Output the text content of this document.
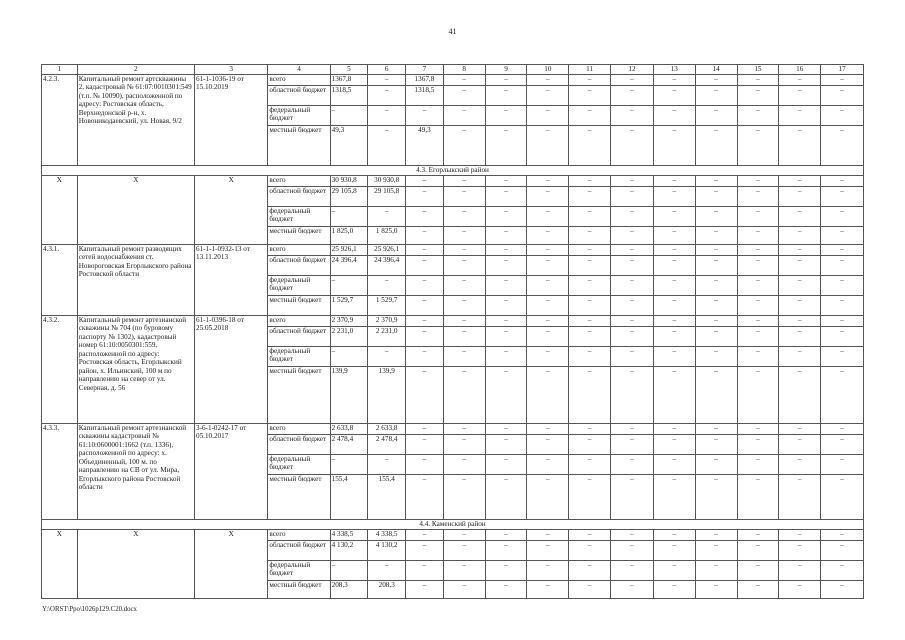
41
1	2	3	4	5	6	7	8	9	10	11	12	13	14	15	16	17
4.2.3.	Капитальный ремонт артскважины 2, кадастровый № 61:07:0010301:549 (т.п. № 10090), расположенной по адресу: Ростовская область, Верхнедонской р-н, х. Новоникодаевский, ул. Новая, 9/2	61-1-1036-19 от 15.10.2019	всего	1367,8	–	1367,8	–	–	–	–	–	–	–	–	–	–
			областной бюджет	1318,5	–	1318,5	–	–	–	–	–	–	–	–	–	–
			федеральный бюджет	–	–	–	–	–	–	–	–	–	–	–	–	–
			местный бюджет	49,3	–	49,3	–	–	–	–	–	–	–	–	–	–
4.3. Егорлыкский район																
Х	Х	Х	всего	30 930,8	30 930,8	–	–	–	–	–	–	–	–	–	–	–
			областной бюджет	29 105,8	29 105,8	–	–	–	–	–	–	–	–	–	–	–
			федеральный бюджет	–	–	–	–	–	–	–	–	–	–	–	–	–
			местный бюджет	1 825,0	1 825,0	–	–	–	–	–	–	–	–	–	–	–
4.3.1.	Капитальный ремонт разводящих сетей водоснабжения ст. Новороговская Егорлыкского района Ростовской области	61-1-1-0932-13 от 13.11.2013	всего	25 926,1	25 926,1	–	–	–	–	–	–	–	–	–	–	–
			областной бюджет	24 396,4	24 396,4	–	–	–	–	–	–	–	–	–	–	–
			федеральный бюджет	–	–	–	–	–	–	–	–	–	–	–	–	–
			местный бюджет	1 529,7	1 529,7	–	–	–	–	–	–	–	–	–	–	–
4.3.2.	Капитальный ремонт артезианской скважины № 704 (по буровому паспорту № 1302), кадастровый номер 61:10:0050301:559, расположенной по адресу: Ростовская область, Егорлыкский район, х. Ильинский, 100 м по направлению на север от ул. Северная, д. 56	61-1-0396-18 от 25.05.2018	всего	2 370,9	2 370,9	–	–	–	–	–	–	–	–	–	–	–
			областной бюджет	2 231,0	2 231,0	–	–	–	–	–	–	–	–	–	–	–
			федеральный бюджет	–	–	–	–	–	–	–	–	–	–	–	–	–
			местный бюджет	139,9	139,9	–	–	–	–	–	–	–	–	–	–	–
4.3.3.	Капитальный ремонт артезианской скважины кадастровый № 61:10:0600001:1662 (т.п. 1336), расположенной по адресу: х. Объединенный, 100 м. по направлению на СВ от ул. Мира, Егорлыкского района Ростовской области	3-6-1-0242-17 от 05.10.2017	всего	2 633,8	2 633,8	–	–	–	–	–	–	–	–	–	–	–
			областной бюджет	2 478,4	2 478,4	–	–	–	–	–	–	–	–	–	–	–
			федеральный бюджет	–	–	–	–	–	–	–	–	–	–	–	–	–
			местный бюджет	155,4	155,4	–	–	–	–	–	–	–	–	–	–	–
4.4. Каменский район																
Х	Х	Х	всего	4 338,5	4 338,5	–	–	–	–	–	–	–	–	–	–	–
			областной бюджет	4 130,2	4 130,2	–	–	–	–	–	–	–	–	–	–	–
			федеральный бюджет	–	–	–	–	–	–	–	–	–	–	–	–	–
			местный бюджет	208,3	208,3	–	–	–	–	–	–	–	–	–	–	–
Y:\ORST\Ppo\1026p129.C20.docx
